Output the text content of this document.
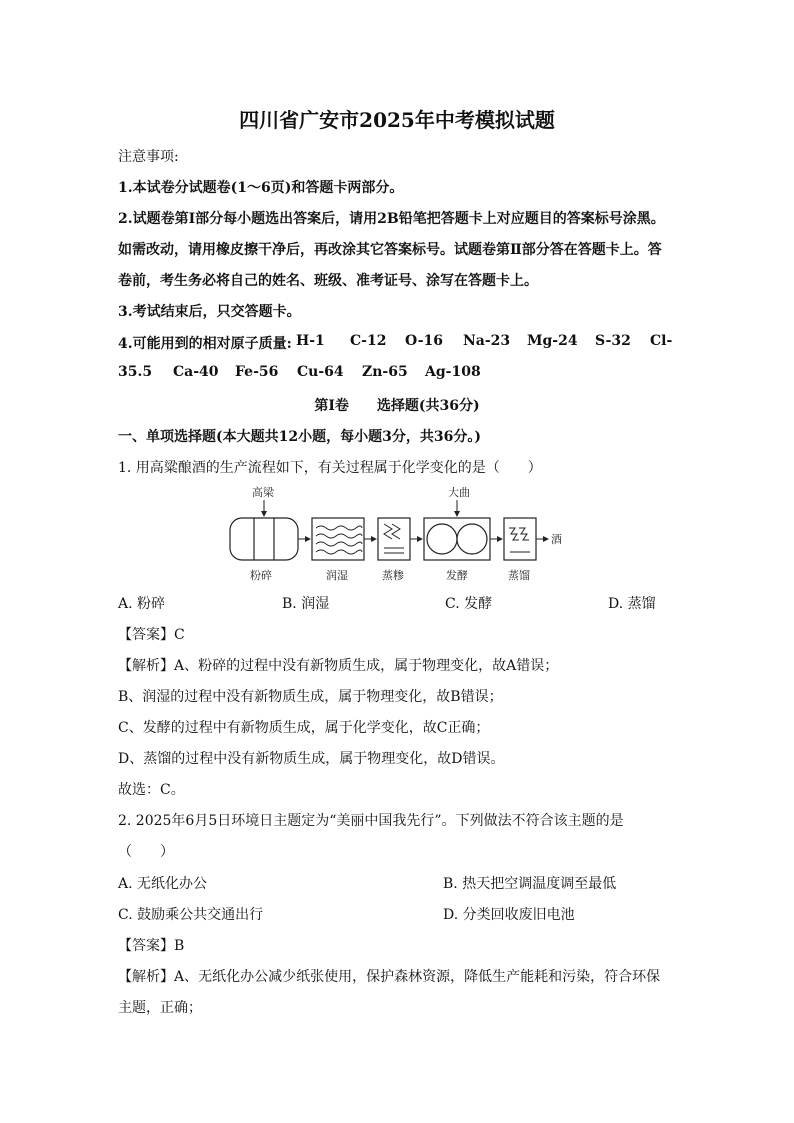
四川省广安市2025年中考模拟试题
注意事项:
1.本试卷分试题卷(1～6页)和答题卡两部分。
2.试题卷第I部分每小题选出答案后，请用2B铅笔把答题卡上对应题目的答案标号涂黑。
如需改动，请用橡皮擦干净后，再改涂其它答案标号。试题卷第Ⅱ部分答在答题卡上。答
卷前，考生务必将自己的姓名、班级、准考证号、涂写在答题卡上。
3.考试结束后，只交答题卡。
4.可能用到的相对原子质量: H-1 C-12 O-16 Na-23 Mg-24 S-32 Cl-
35.5 Ca-40 Fe-56 Cu-64 Zn-65 Ag-108
第I卷　　选择题(共36分)
一、单项选择题(本大题共12小题，每小题3分，共36分。)
1. 用高粱酿酒的生产流程如下，有关过程属于化学变化的是（　　）
高梁	大曲
酒
粉碎	润湿	蒸糁	发酵	蒸馏
A. 粉碎	B. 润湿	C. 发酵	D. 蒸馏
【答案】C
【解析】A、粉碎的过程中没有新物质生成，属于物理变化，故A错误；
B、润湿的过程中没有新物质生成，属于物理变化，故B错误；
C、发酵的过程中有新物质生成，属于化学变化，故C正确；
D、蒸馏的过程中没有新物质生成，属于物理变化，故D错误。
故选：C。
2. 2025年6月5日环境日主题定为“美丽中国我先行”。下列做法不符合该主题的是
（　　）
A. 无纸化办公	B. 热天把空调温度调至最低
C. 鼓励乘公共交通出行	D. 分类回收废旧电池
【答案】B
【解析】A、无纸化办公减少纸张使用，保护森林资源，降低生产能耗和污染，符合环保
主题，正确；
